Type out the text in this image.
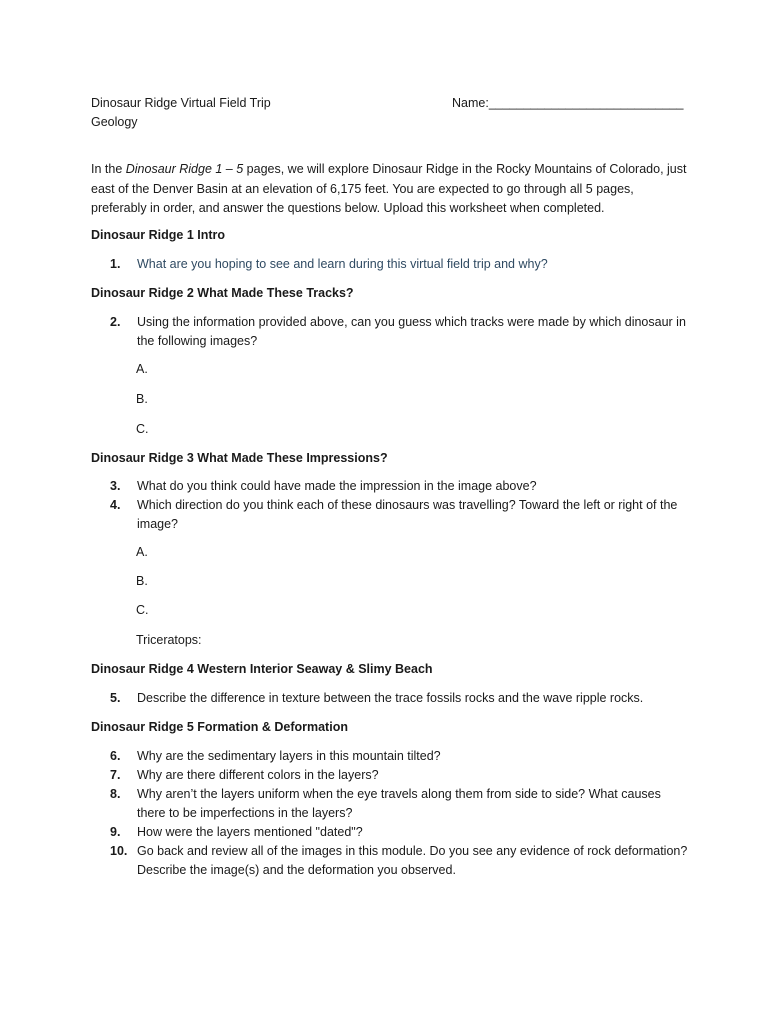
Dinosaur Ridge Virtual Field Trip
Geology
Name:____________________________
In the Dinosaur Ridge 1 – 5 pages, we will explore Dinosaur Ridge in the Rocky Mountains of Colorado, just east of the Denver Basin at an elevation of 6,175 feet. You are expected to go through all 5 pages, preferably in order, and answer the questions below. Upload this worksheet when completed.
Dinosaur Ridge 1 Intro
1.	What are you hoping to see and learn during this virtual field trip and why?
Dinosaur Ridge 2 What Made These Tracks?
2.	Using the information provided above, can you guess which tracks were made by which dinosaur in the following images?
A.
B.
C.
Dinosaur Ridge 3 What Made These Impressions?
3.	What do you think could have made the impression in the image above?
4.	Which direction do you think each of these dinosaurs was travelling? Toward the left or right of the image?
A.
B.
C.
Triceratops:
Dinosaur Ridge 4 Western Interior Seaway & Slimy Beach
5.	Describe the difference in texture between the trace fossils rocks and the wave ripple rocks.
Dinosaur Ridge 5 Formation & Deformation
6.	Why are the sedimentary layers in this mountain tilted?
7.	Why are there different colors in the layers?
8.	Why aren’t the layers uniform when the eye travels along them from side to side? What causes there to be imperfections in the layers?
9.	How were the layers mentioned "dated"?
10. Go back and review all of the images in this module. Do you see any evidence of rock deformation? Describe the image(s) and the deformation you observed.
